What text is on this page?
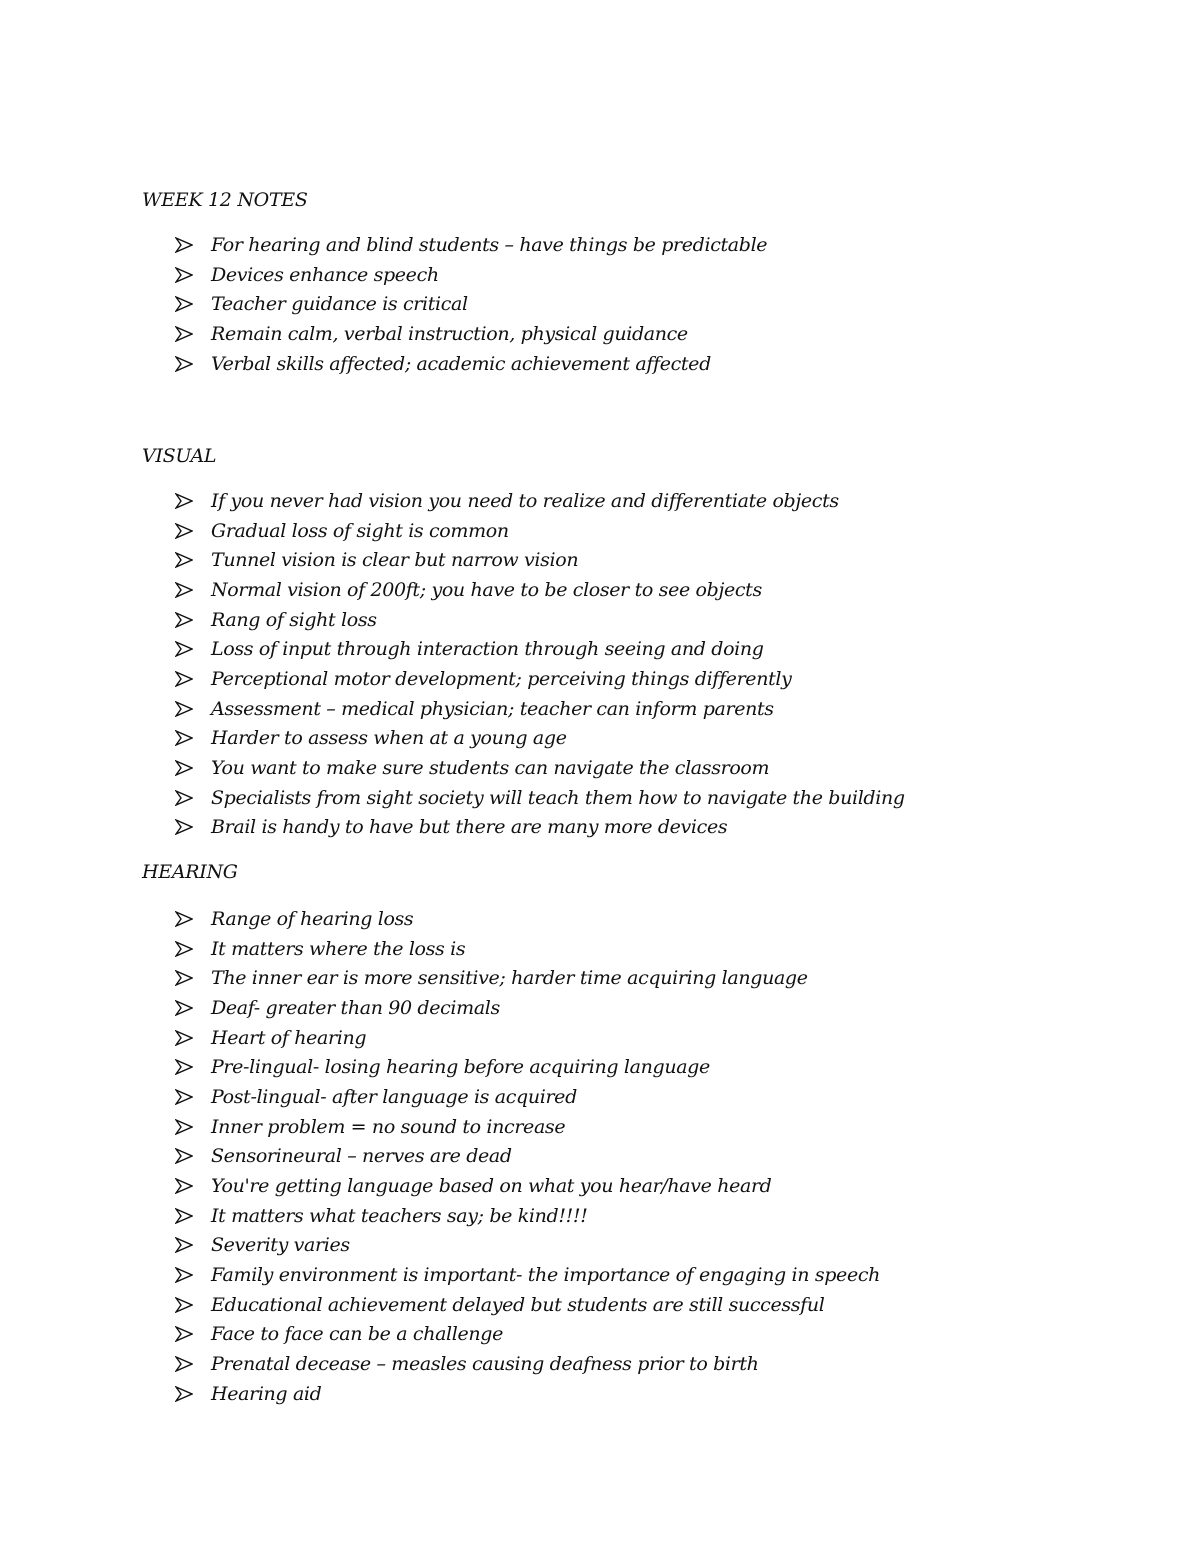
WEEK 12 NOTES
For hearing and blind students – have things be predictable
Devices enhance speech
Teacher guidance is critical
Remain calm, verbal instruction, physical guidance
Verbal skills affected; academic achievement affected
VISUAL
If you never had vision you need to realize and differentiate objects
Gradual loss of sight is common
Tunnel vision is clear but narrow vision
Normal vision of 200ft; you have to be closer to see objects
Rang of sight loss
Loss of input through interaction through seeing and doing
Perceptional motor development; perceiving things differently
Assessment – medical physician; teacher can inform parents
Harder to assess when at a young age
You want to make sure students can navigate the classroom
Specialists from sight society will teach them how to navigate the building
Brail is handy to have but there are many more devices
HEARING
Range of hearing loss
It matters where the loss is
The inner ear is more sensitive; harder time acquiring language
Deaf- greater than 90 decimals
Heart of hearing
Pre-lingual- losing hearing before acquiring language
Post-lingual- after language is acquired
Inner problem = no sound to increase
Sensorineural – nerves are dead
You're getting language based on what you hear/have heard
It matters what teachers say; be kind!!!!
Severity varies
Family environment is important- the importance of engaging in speech
Educational achievement delayed but students are still successful
Face to face can be a challenge
Prenatal decease – measles causing deafness prior to birth
Hearing aid
